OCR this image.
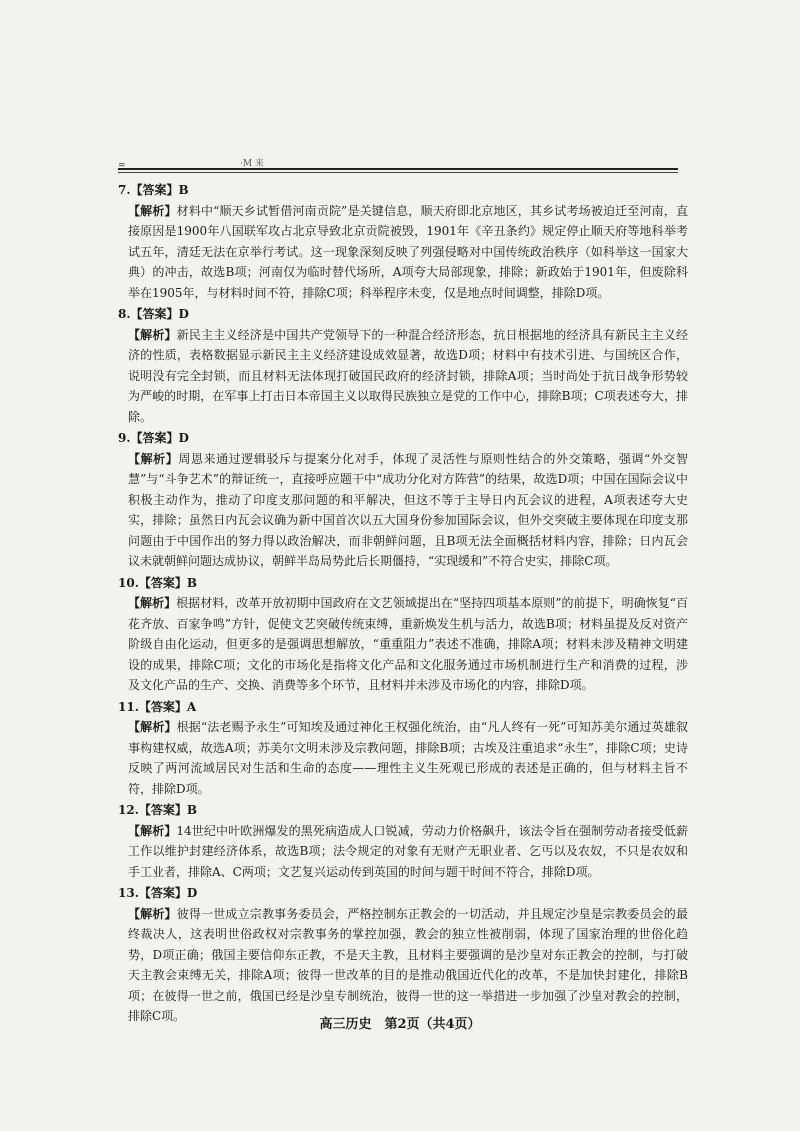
=	·M 来
7.【答案】B
【解析】材料中“顺天乡试暂借河南贡院”是关键信息，顺天府即北京地区，其乡试考场被迫迁至河南，直接原因是1900年八国联军攻占北京导致北京贡院被毁，1901年《辛丑条约》规定停止顺天府等地科举考试五年，清廷无法在京举行考试。这一现象深刻反映了列强侵略对中国传统政治秩序（如科举这一国家大典）的冲击，故选B项；河南仅为临时替代场所，A项夸大局部现象，排除；新政始于1901年，但废除科举在1905年，与材料时间不符，排除C项；科举程序未变，仅是地点时间调整，排除D项。
8.【答案】D
【解析】新民主主义经济是中国共产党领导下的一种混合经济形态，抗日根据地的经济具有新民主主义经济的性质，表格数据显示新民主主义经济建设成效显著，故选D项；材料中有技术引进、与国统区合作，说明没有完全封锁，而且材料无法体现打破国民政府的经济封锁，排除A项；当时尚处于抗日战争形势较为严峻的时期，在军事上打击日本帝国主义以取得民族独立是党的工作中心，排除B项；C项表述夸大，排除。
9.【答案】D
【解析】周恩来通过逻辑驳斥与提案分化对手，体现了灵活性与原则性结合的外交策略，强调“外交智慧”与“斗争艺术”的辩证统一，直接呼应题干中“成功分化对方阵营”的结果，故选D项；中国在国际会议中积极主动作为，推动了印度支那问题的和平解决，但这不等于主导日内瓦会议的进程，A项表述夸大史实，排除；虽然日内瓦会议确为新中国首次以五大国身份参加国际会议，但外交突破主要体现在印度支那问题由于中国作出的努力得以政治解决，而非朝鲜问题，且B项无法全面概括材料内容，排除；日内瓦会议未就朝鲜问题达成协议，朝鲜半岛局势此后长期僵持，“实现缓和”不符合史实，排除C项。
10.【答案】B
【解析】根据材料，改革开放初期中国政府在文艺领域提出在“坚持四项基本原则”的前提下，明确恢复“百花齐放、百家争鸣”方针，促使文艺突破传统束缚，重新焕发生机与活力，故选B项；材料虽提及反对资产阶级自由化运动，但更多的是强调思想解放，“重重阻力”表述不准确，排除A项；材料未涉及精神文明建设的成果，排除C项；文化的市场化是指将文化产品和文化服务通过市场机制进行生产和消费的过程，涉及文化产品的生产、交换、消费等多个环节，且材料并未涉及市场化的内容，排除D项。
11.【答案】A
【解析】根据“法老赐予永生”可知埃及通过神化王权强化统治，由“凡人终有一死”可知苏美尔通过英雄叙事构建权威，故选A项；苏美尔文明未涉及宗教问题，排除B项；古埃及注重追求“永生”，排除C项；史诗反映了两河流域居民对生活和生命的态度——理性主义生死观已形成的表述是正确的，但与材料主旨不符，排除D项。
12.【答案】B
【解析】14世纪中叶欧洲爆发的黑死病造成人口锐减，劳动力价格飙升，该法令旨在强制劳动者接受低薪工作以维护封建经济体系，故选B项；法令规定的对象有无财产无职业者、乞丐以及农奴，不只是农奴和手工业者，排除A、C两项；文艺复兴运动传到英国的时间与题干时间不符合，排除D项。
13.【答案】D
【解析】彼得一世成立宗教事务委员会，严格控制东正教会的一切活动，并且规定沙皇是宗教委员会的最终裁决人，这表明世俗政权对宗教事务的掌控加强，教会的独立性被削弱，体现了国家治理的世俗化趋势，D项正确；俄国主要信仰东正教，不是天主教，且材料主要强调的是沙皇对东正教会的控制，与打破天主教会束缚无关，排除A项；彼得一世改革的目的是推动俄国近代化的改革，不是加快封建化，排除B项；在彼得一世之前，俄国已经是沙皇专制统治，彼得一世的这一举措进一步加强了沙皇对教会的控制，排除C项。
高三历史　第2页（共4页）
